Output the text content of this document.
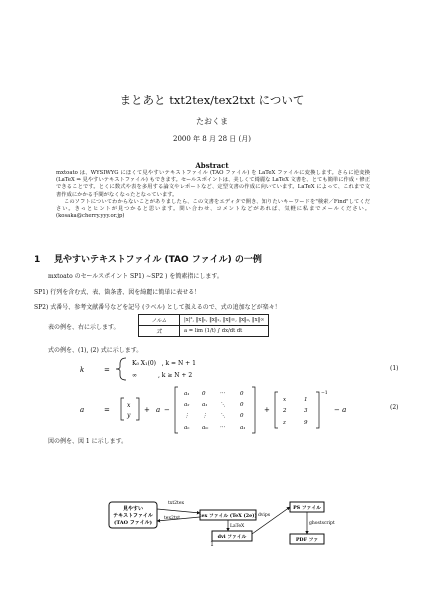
まとあと txt2tex/tex2txt について
たおくま
2000 年 8 月 28 日 (月)
Abstract

mxtoato は、WYSIWYG にほくて見やすいテキストファイル (TAO ファイル) を LaTeX ファイルに変換します。さらに逆変換 (LaTeX ⇒ 見やすいテキストファイル) もできます。セールスポイントは、美しくて綺麗な LaTeX 文書を、とても簡単に作成・修正できることです。とくに数式や表を多用する論文やレポートなど、定型文書の作成に向いています。LaTeX によって、これまで文書作成にかかる手間がなくなったとなっています。

このソフトについてわからないことがありましたら、この文書をエディタで開き、知りたいキーワードを"検索／Find"してください。きっとヒントが見つかると思います。問い合わせ、コメントなどがあれば、気軽に私までメールください。(kosaka@cherry.yyy.or.jp)

1 見やすいテキストファイル (TAO ファイル) の一例
mxtoato のセールスポイント SP1) ∼SP2 ) を簡素指にします。
SP1) 行列を含む式、表、箇条書、図を綺麗に簡単に表せる！
SP2) 式番号、参考文献番号などを記号 (ラベル) として扱えるので、式の追加などが楽々！
表の例を、右に示します。
ノルム	|x|², ‖x‖₁, ‖x‖₂, ‖x‖∞, ‖x‖₀, ‖x‖∞
式	a = lim (1/t) ∫ dx/dt dt
式の例を、(1), (2) 式に示します。
k	=
K₀ X₁(0)   , k = N + 1
∞           , k ≥ N + 2
(1)
a	=
x
y
+ a −
a₁ 0	···	0
a₂ a₁ ⋱	0
⋮ ⋮ ⋱	0
aₙ aₘ ···	a₁
+
x	1
2	3
z	9
−1
− a	(2)
図の例を、図 1 に示します。
見やすい
テキストファイル
(TAO ファイル)
tex ファイル (TeX (2e))
dvi ファイル
PS ファイル
PDF ファ
txt2tex
tex2txt
LaTeX
dvips
ghostscript
1
